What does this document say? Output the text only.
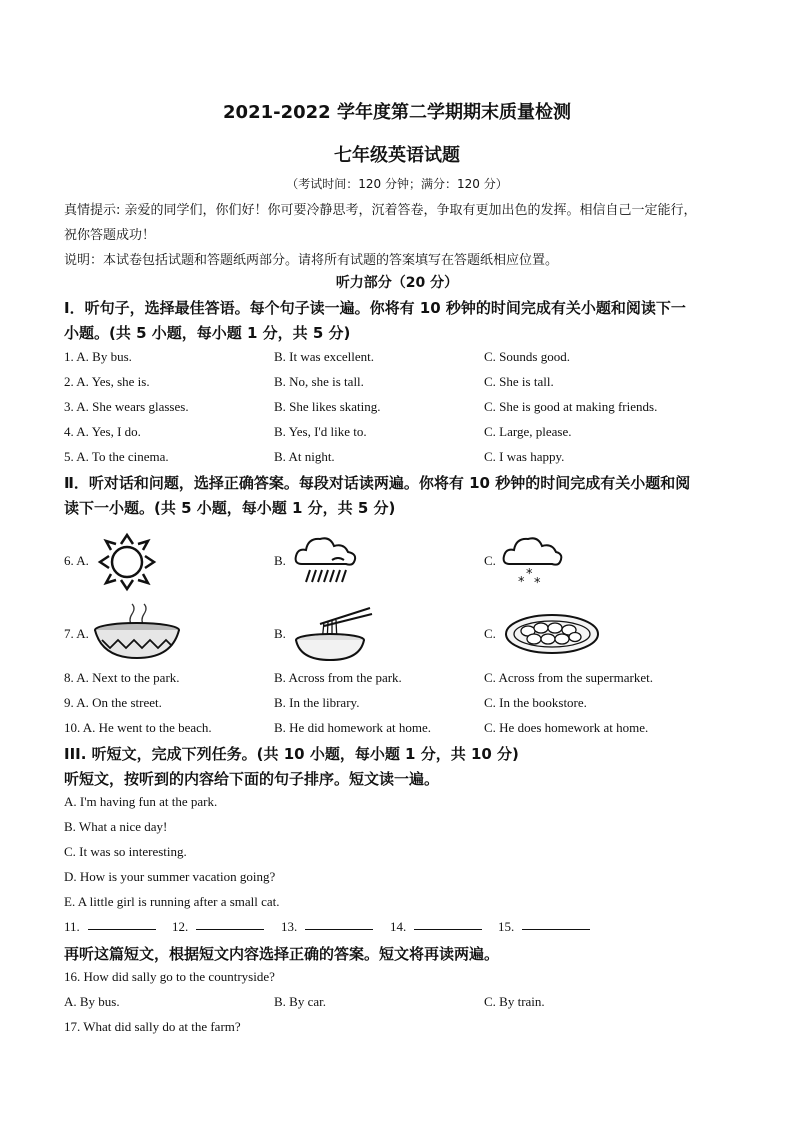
2021-2022 学年度第二学期期末质量检测
七年级英语试题
（考试时间：120 分钟；满分：120 分）
真情提示: 亲爱的同学们，你们好！你可要冷静思考，沉着答卷，争取有更加出色的发挥。相信自己一定能行，
祝你答题成功！
说明：本试卷包括试题和答题纸两部分。请将所有试题的答案填写在答题纸相应位置。
听力部分（20 分）
Ⅰ．听句子，选择最佳答语。每个句子读一遍。你将有 10 秒钟的时间完成有关小题和阅读下一
小题。(共 5 小题，每小题 1 分，共 5 分)
1. A. By bus.	B. It was excellent.	C. Sounds good.
2. A. Yes, she is.	B. No, she is tall.	C. She is tall.
3. A. She wears glasses.	B. She likes skating.	C. She is good at making friends.
4. A. Yes, I do.	B. Yes, I'd like to.	C. Large, please.
5. A. To the cinema.	B. At night.	C. I was happy.
Ⅱ．听对话和问题，选择正确答案。每段对话读两遍。你将有 10 秒钟的时间完成有关小题和阅
读下一小题。(共 5 小题，每小题 1 分，共 5 分)
6. A.	B.	C.
*
* *
7. A.	B.	C.
8. A. Next to the park.	B. Across from the park.	C. Across from the supermarket.
9. A. On the street.	B. In the library.	C. In the bookstore.
10. A. He went to the beach.	B. He did homework at home.	C. He does homework at home.
III. 听短文，完成下列任务。(共 10 小题，每小题 1 分，共 10 分)
听短文，按听到的内容给下面的句子排序。短文读一遍。
A. I'm having fun at the park.
B. What a nice day!
C. It was so interesting.
D. How is your summer vacation going?
E. A little girl is running after a small cat.
11.	12.	13.	14.	15.
再听这篇短文，根据短文内容选择正确的答案。短文将再读两遍。
16. How did sally go to the countryside?
A. By bus.	B. By car.	C. By train.
17. What did sally do at the farm?
